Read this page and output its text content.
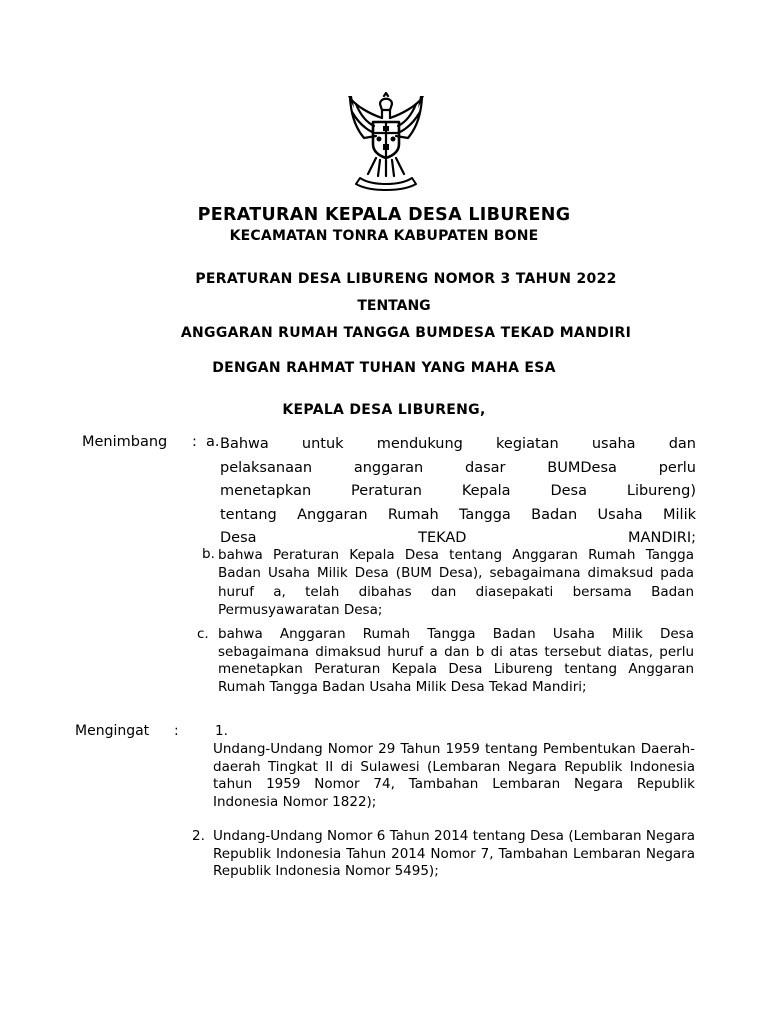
PERATURAN KEPALA DESA LIBURENG
KECAMATAN TONRA KABUPATEN BONE
PERATURAN DESA LIBURENG NOMOR 3 TAHUN 2022
TENTANG
ANGGARAN RUMAH TANGGA BUMDESA TEKAD MANDIRI
DENGAN RAHMAT TUHAN YANG MAHA ESA
KEPALA DESA LIBURENG,
Menimbang : a. Bahwa untuk mendukung kegiatan usaha dan
pelaksanaan anggaran dasar BUMDesa perlu
menetapkan Peraturan Kepala Desa Libureng)
tentang Anggaran Rumah Tangga Badan Usaha Milik
Desa TEKAD MANDIRI;
b. bahwa Peraturan Kepala Desa tentang Anggaran Rumah Tangga Badan Usaha Milik Desa (BUM Desa), sebagaimana dimaksud pada huruf a, telah dibahas dan diasepakati bersama Badan Permusyawaratan Desa;
c. bahwa Anggaran Rumah Tangga Badan Usaha Milik Desa sebagaimana dimaksud huruf a dan b di atas tersebut diatas, perlu menetapkan Peraturan Kepala Desa Libureng tentang Anggaran Rumah Tangga Badan Usaha Milik Desa Tekad Mandiri;
Mengingat :	1.
Undang-Undang Nomor 29 Tahun 1959 tentang Pembentukan Daerah-daerah Tingkat II di Sulawesi (Lembaran Negara Republik Indonesia tahun 1959 Nomor 74, Tambahan Lembaran Negara Republik Indonesia Nomor 1822);
2. Undang-Undang Nomor 6 Tahun 2014 tentang Desa (Lembaran Negara Republik Indonesia Tahun 2014 Nomor 7, Tambahan Lembaran Negara Republik Indonesia Nomor 5495);
